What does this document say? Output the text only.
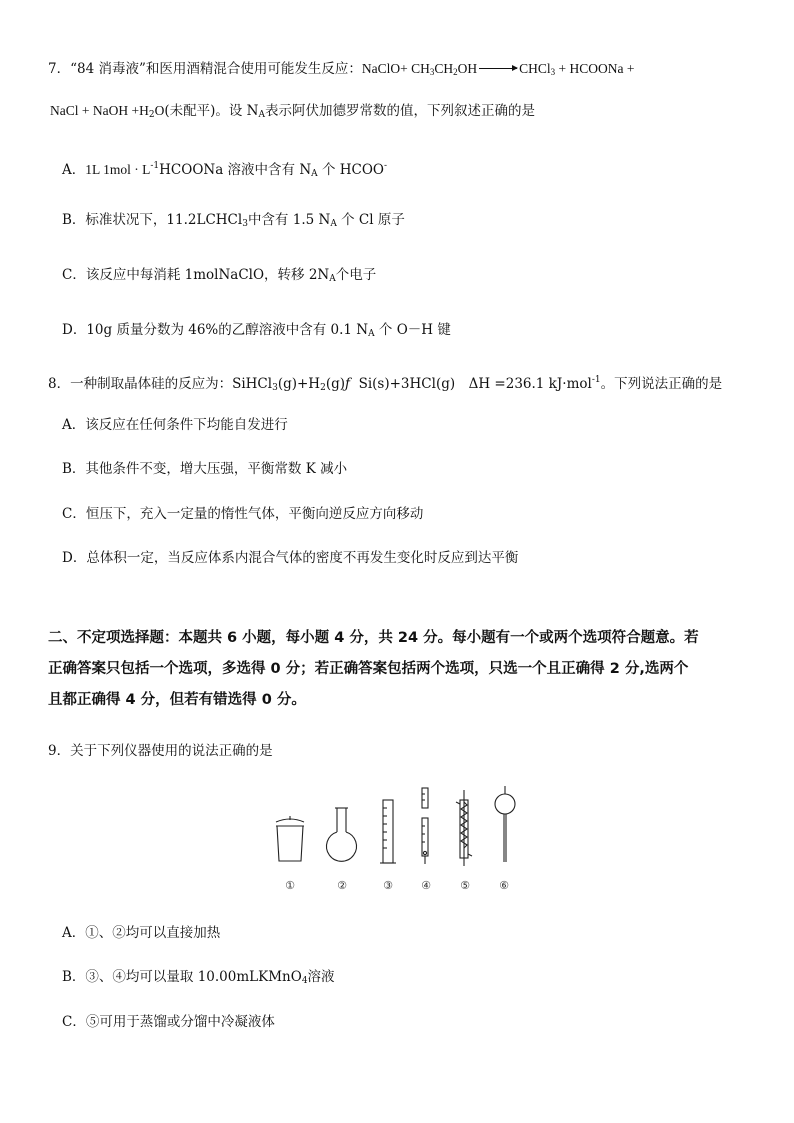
7．“84 消毒液”和医用酒精混合使用可能发生反应：NaClO+ $CH_3CH_2OH$ → CHCl$_3$ + HCOONa +
NaCl + NaOH $+H_2O$(未配平)。设 $N_A$表示阿伏加德罗常数的值，下列叙述正确的是
A．1L $1mol \cdot L^{-1}HCOONa$ 溶液中含有 $N_A$ 个 HCOO-
B．标准状况下，11.2LCHCl$_3$中含有 1.5 $N_A$ 个 Cl 原子
C．该反应中每消耗 1molNaClO，转移 $2N_A$个电子
D．10g 质量分数为 46%的乙醇溶液中含有 0.1 $N_A$ 个 O－H 键
8．一种制取晶体硅的反应为：$SiHCl_3(g)+H_2(g)ƒ$ Si(s)+3HCl(g)　ΔH =236.1 kJ·mol$^{-1}$。下列说法正确的是
A．该反应在任何条件下均能自发进行
B．其他条件不变，增大压强，平衡常数 K 减小
C．恒压下，充入一定量的惰性气体，平衡向逆反应方向移动
D．总体积一定，当反应体系内混合气体的密度不再发生变化时反应到达平衡
二、不定项选择题：本题共 6 小题，每小题 4 分，共 24 分。每小题有一个或两个选项符合题意。若
正确答案只包括一个选项，多选得 0 分；若正确答案包括两个选项，只选一个且正确得 2 分,选两个
且都正确得 4 分，但若有错选得 0 分。
9．关于下列仪器使用的说法正确的是
①	②	③	④	⑤	⑥
A．①、②均可以直接加热
B．③、④均可以量取 10.00mLKMnO$_4$溶液
C．⑤可用于蒸馏或分馏中冷凝液体
